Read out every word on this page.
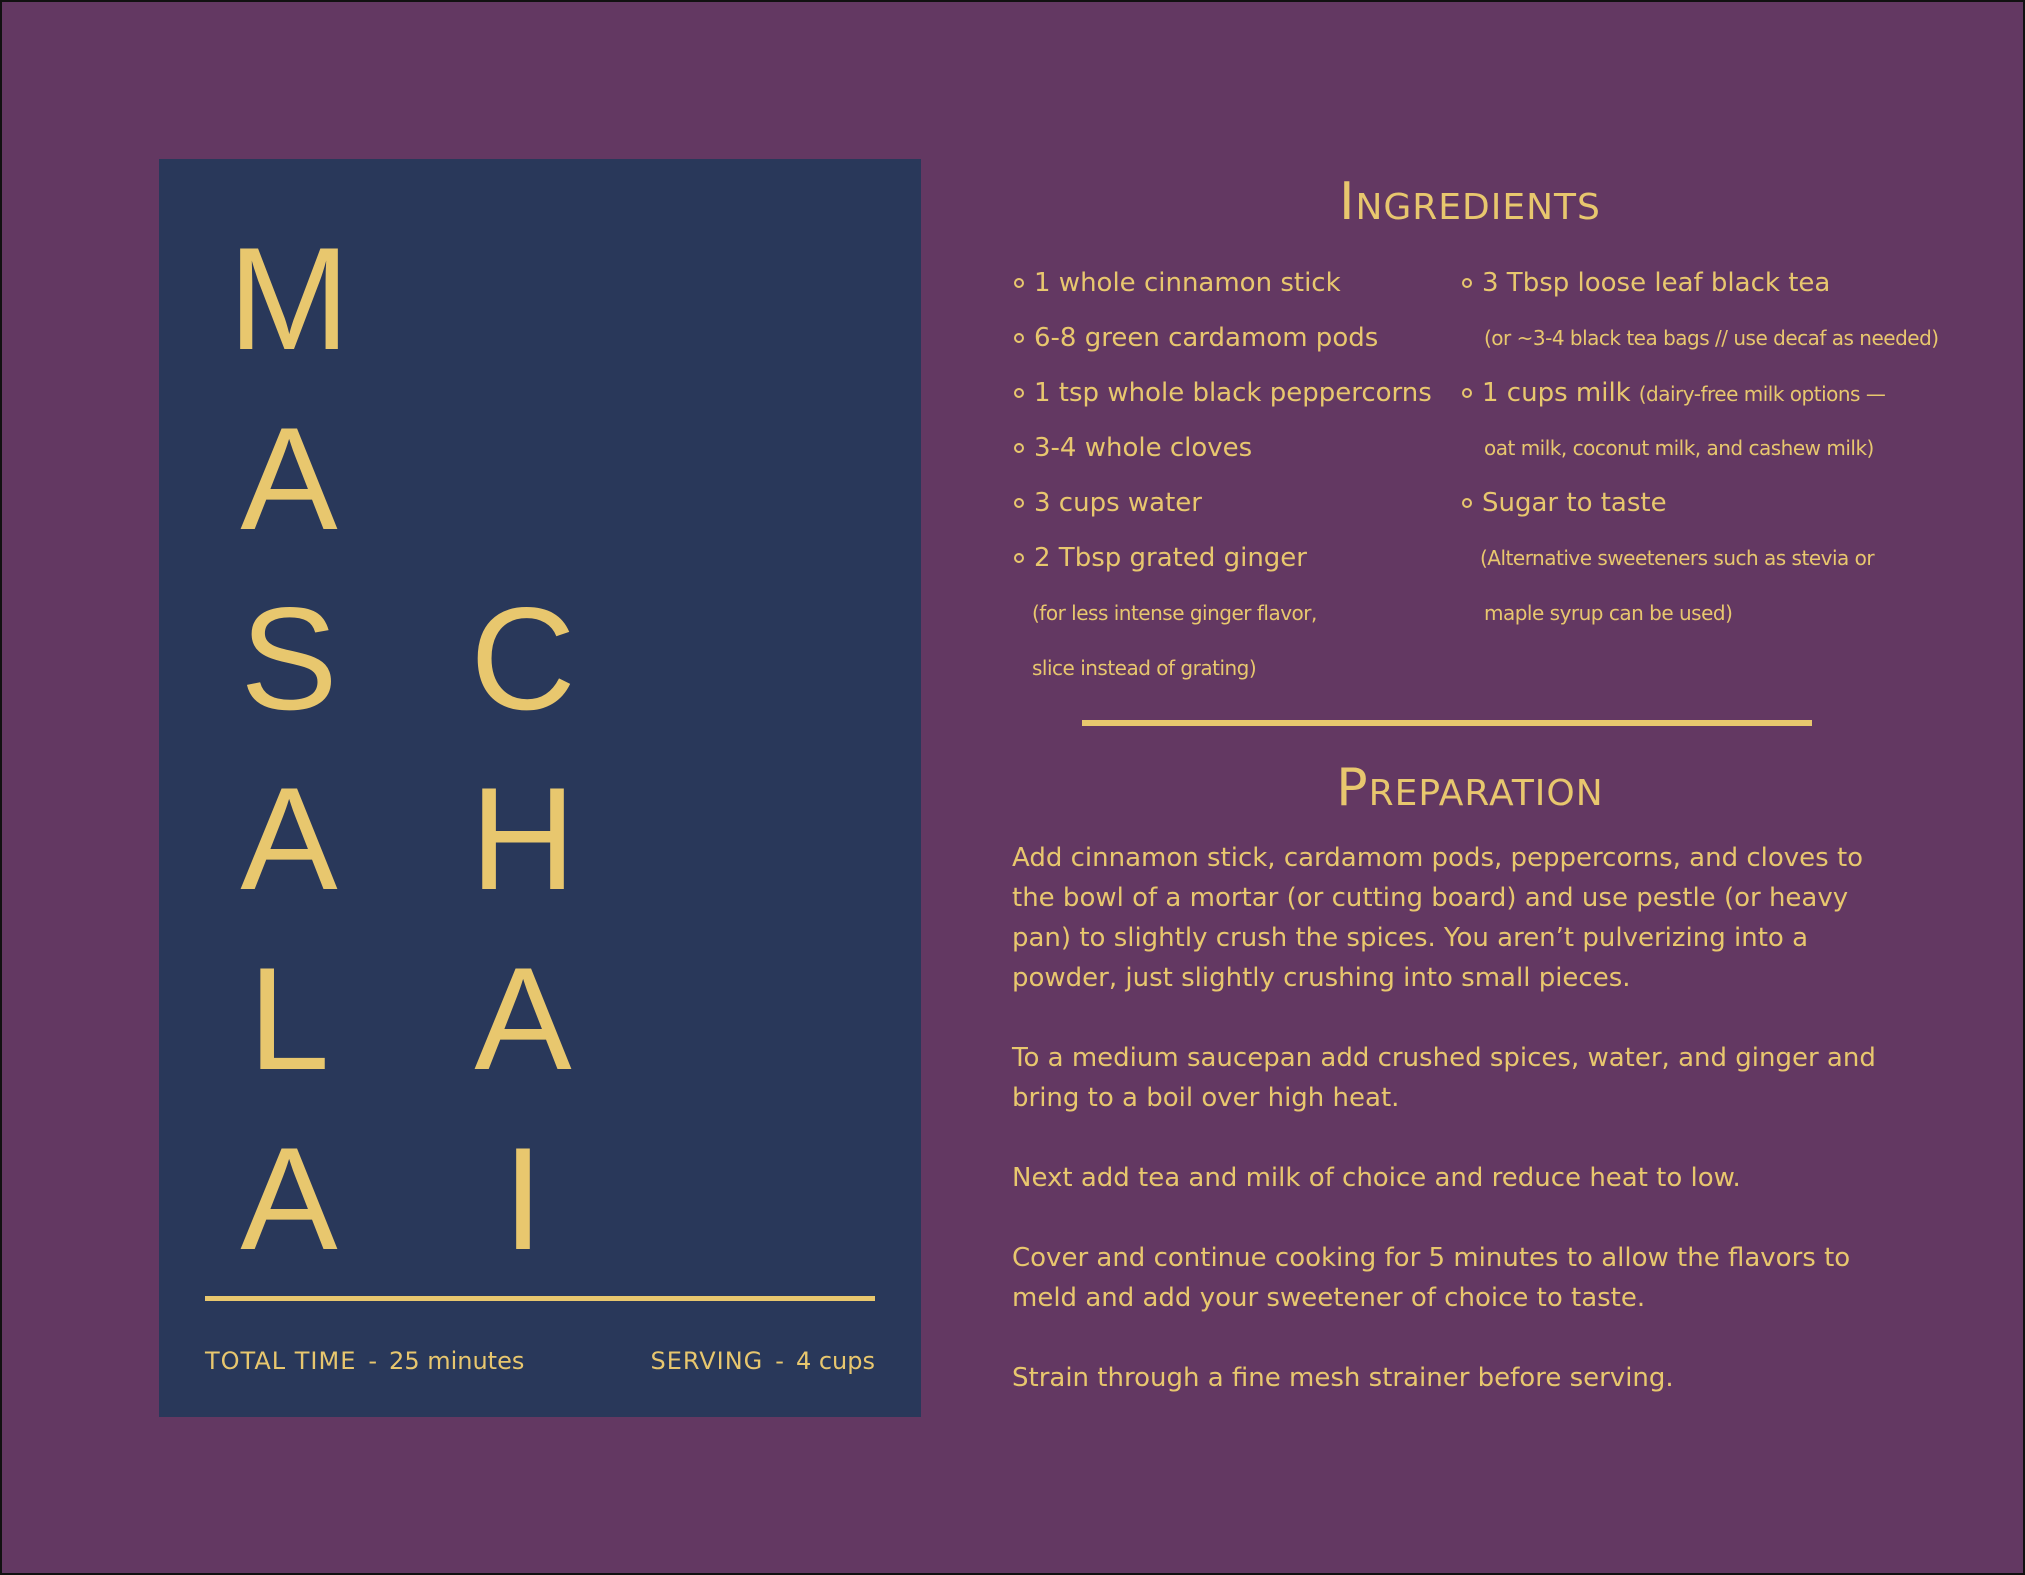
M
A
S
A
L
A
C
H
A
I
TOTAL TIME - 25 minutes	SERVING - 4 cups
Ingredients
1 whole cinnamon stick
6-8 green cardamom pods
1 tsp whole black peppercorns
3-4 whole cloves
3 cups water
2 Tbsp grated ginger
(for less intense ginger flavor,
slice instead of grating)
3 Tbsp loose leaf black tea
(or ~3-4 black tea bags // use decaf as needed)
1 cups milk (dairy-free milk options —
oat milk, coconut milk, and cashew milk)
Sugar to taste
(Alternative sweeteners such as stevia or
maple syrup can be used)
Preparation

Add cinnamon stick, cardamom pods, peppercorns, and cloves to the bowl of a mortar (or cutting board) and use pestle (or heavy pan) to slightly crush the spices. You aren’t pulverizing into a powder, just slightly crushing into small pieces.

To a medium saucepan add crushed spices, water, and ginger and bring to a boil over high heat.

Next add tea and milk of choice and reduce heat to low.

Cover and continue cooking for 5 minutes to allow the flavors to meld and add your sweetener of choice to taste.

Strain through a fine mesh strainer before serving.
